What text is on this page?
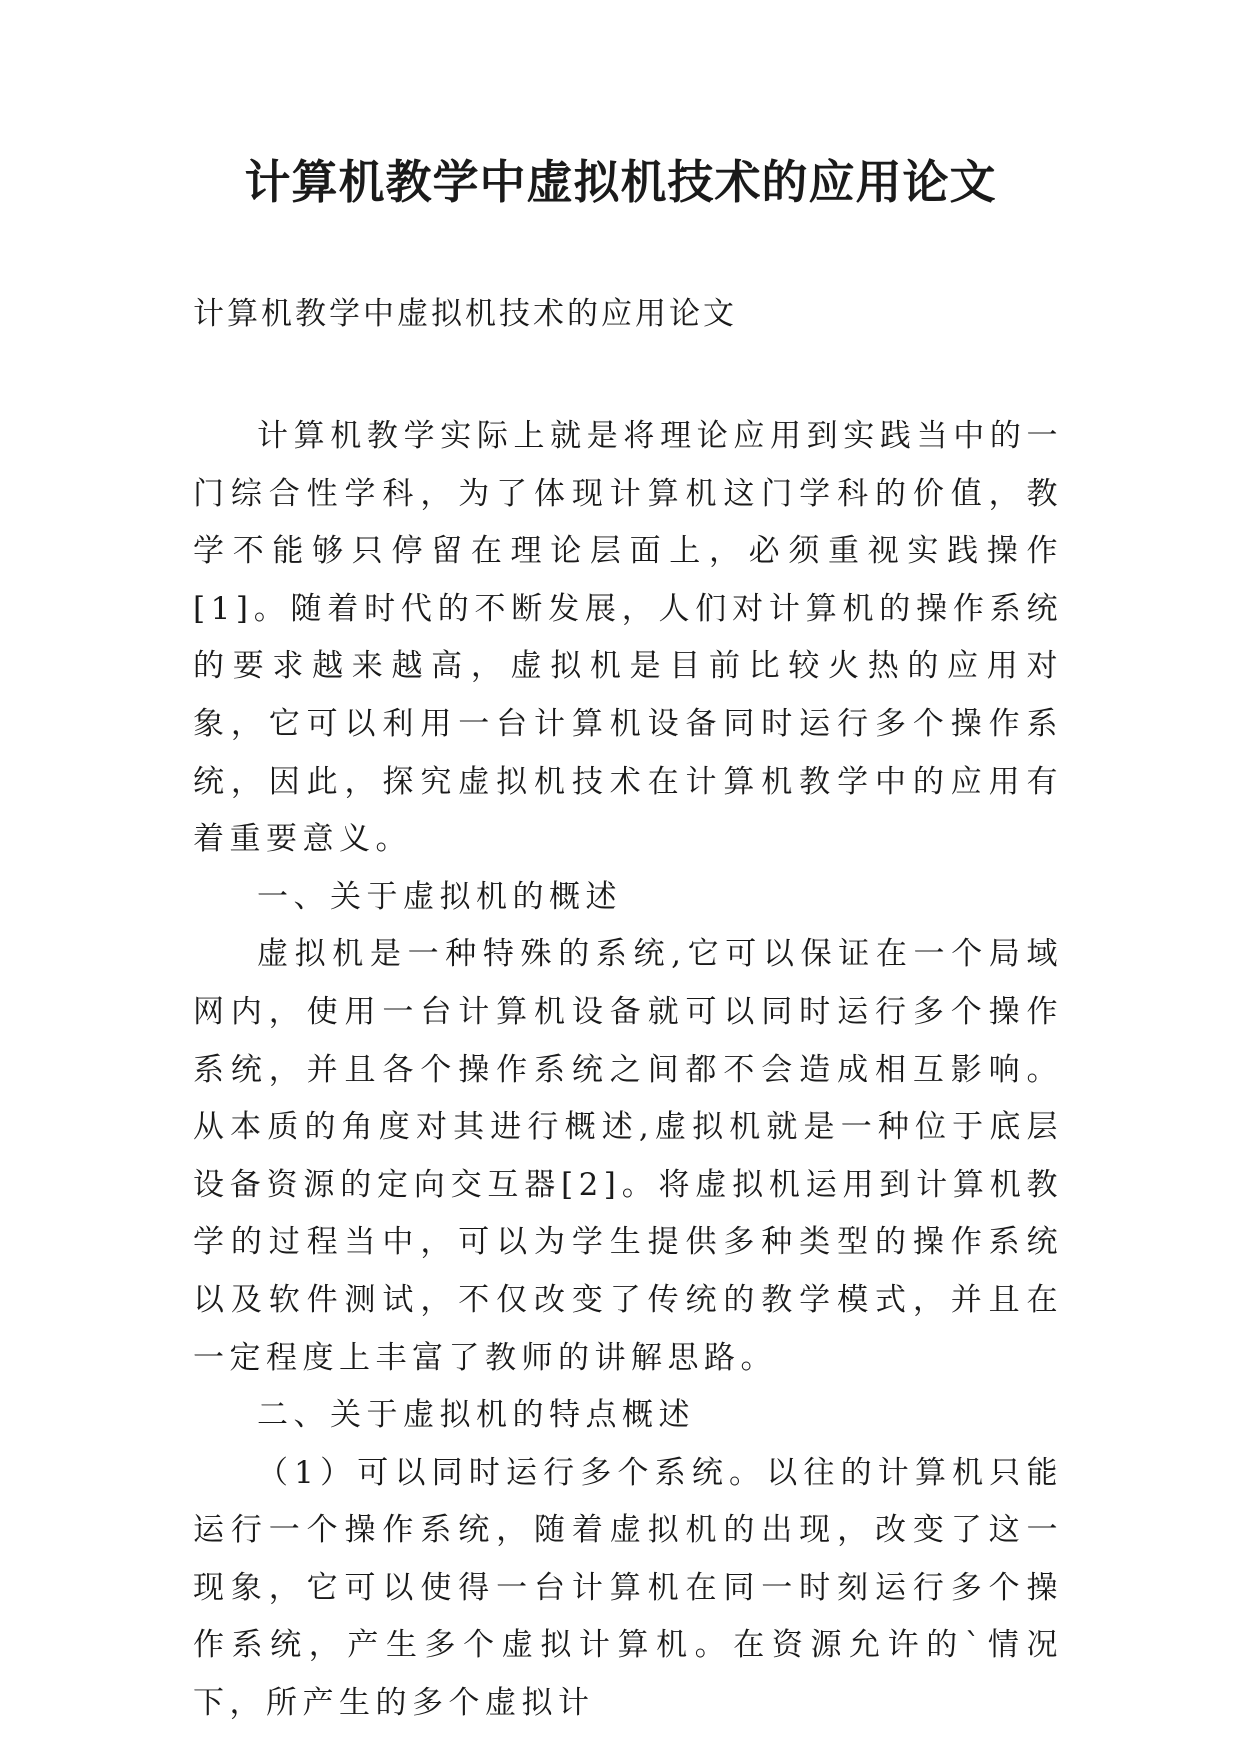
计算机教学中虚拟机技术的应用论文

计算机教学中虚拟机技术的应用论文

计算机教学实际上就是将理论应用到实践当中的一门综合性学科，为了体现计算机这门学科的价值，教学不能够只停留在理论层面上，必须重视实践操作[1]。随着时代的不断发展，人们对计算机的操作系统的要求越来越高，虚拟机是目前比较火热的应用对象，它可以利用一台计算机设备同时运行多个操作系统，因此，探究虚拟机技术在计算机教学中的应用有着重要意义。

一、关于虚拟机的概述

虚拟机是一种特殊的系统,它可以保证在一个局域网内，使用一台计算机设备就可以同时运行多个操作系统，并且各个操作系统之间都不会造成相互影响。从本质的角度对其进行概述,虚拟机就是一种位于底层设备资源的定向交互器[2]。将虚拟机运用到计算机教学的过程当中，可以为学生提供多种类型的操作系统以及软件测试，不仅改变了传统的教学模式，并且在一定程度上丰富了教师的讲解思路。

二、关于虚拟机的特点概述

（1）可以同时运行多个系统。以往的计算机只能运行一个操作系统，随着虚拟机的出现，改变了这一现象，它可以使得一台计算机在同一时刻运行多个操作系统，产生多个虚拟计算机。在资源允许的`情况下，所产生的多个虚拟计
